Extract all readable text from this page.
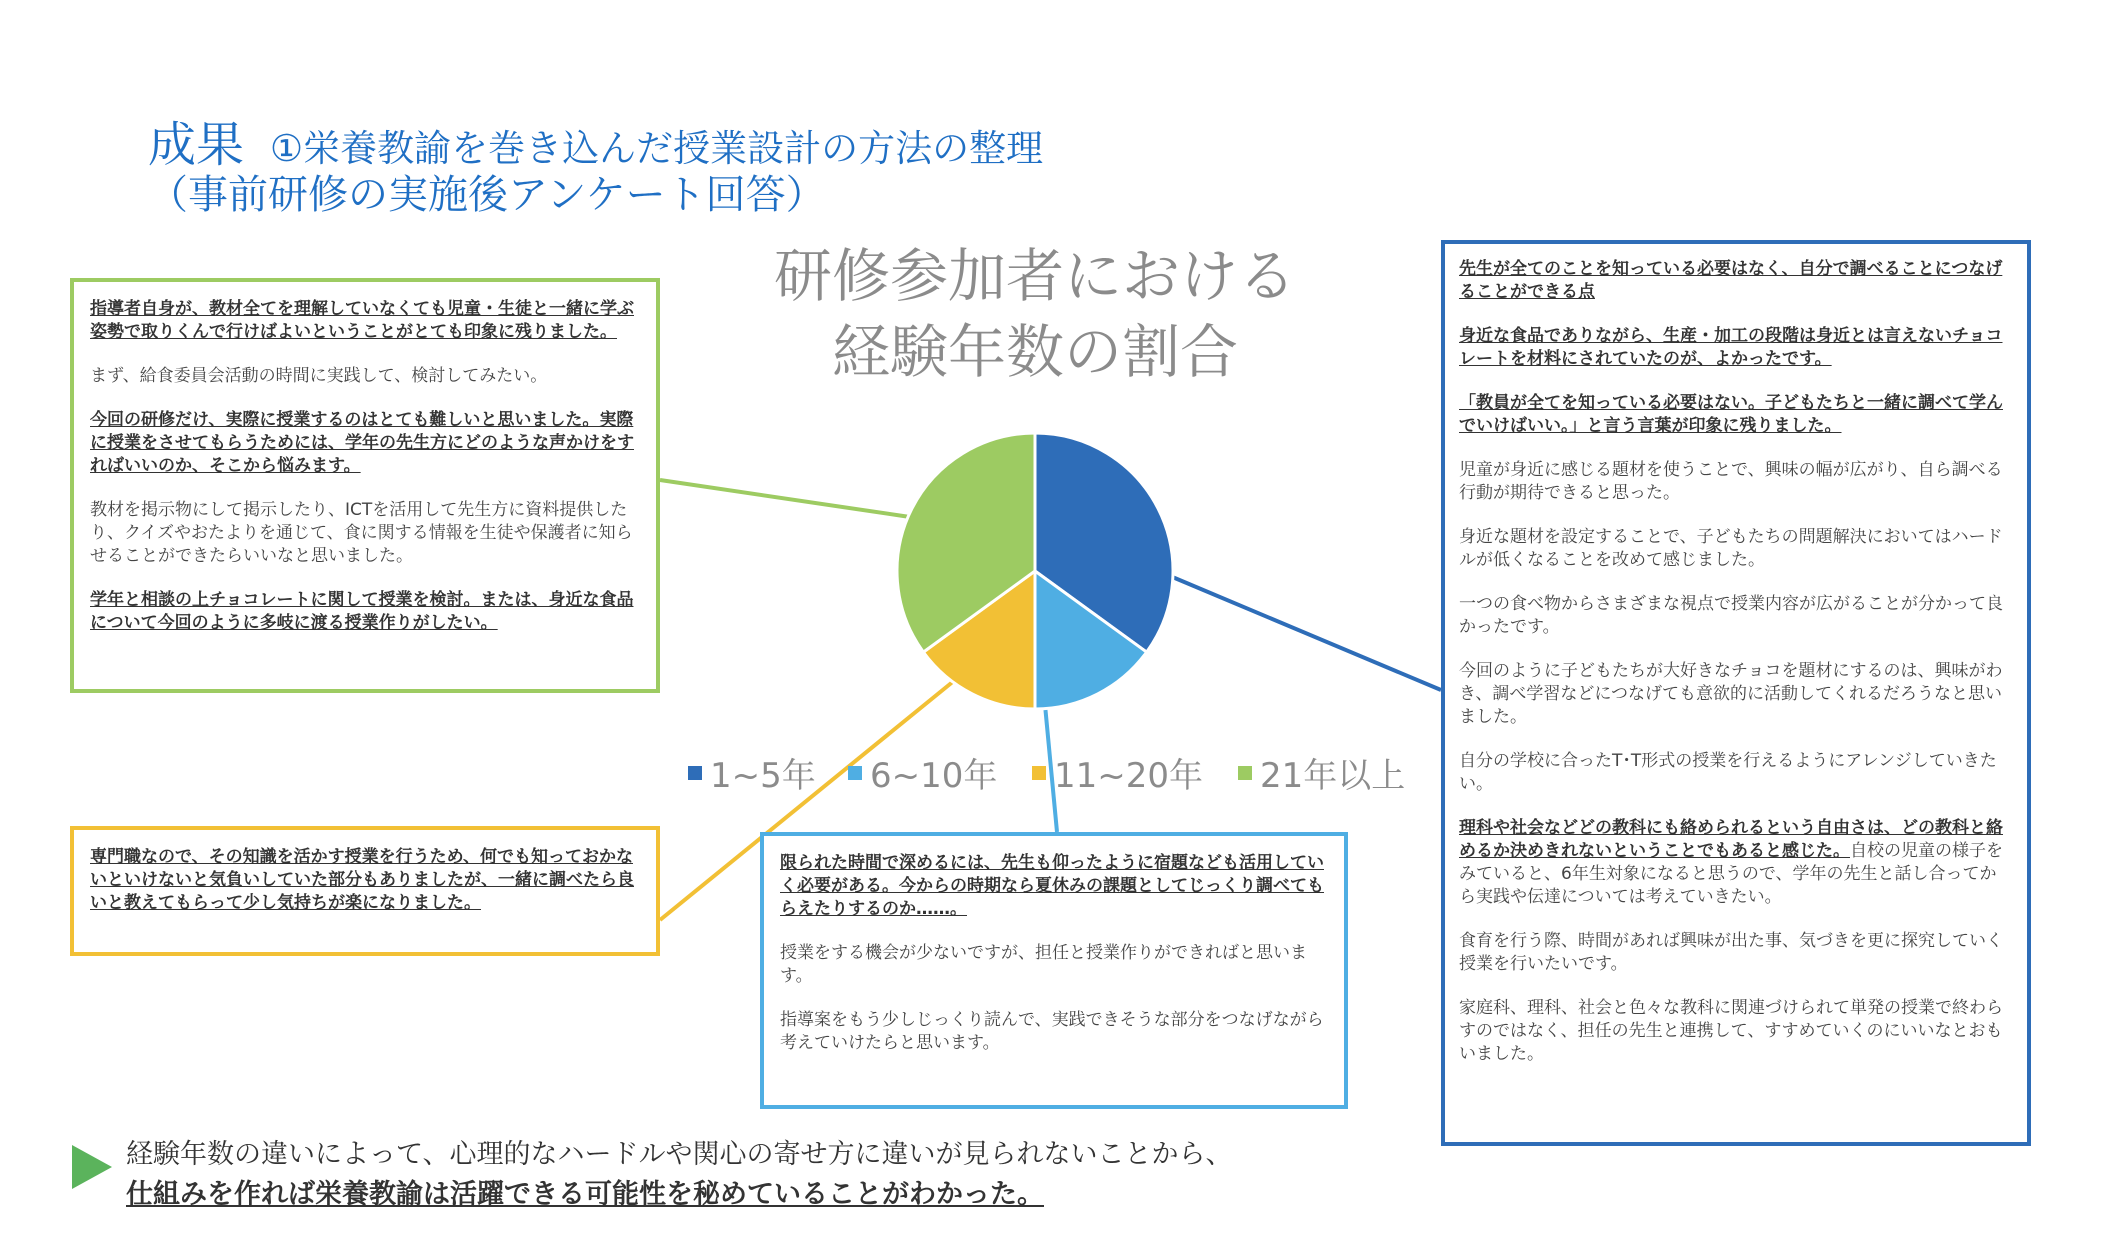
成果 ①栄養教諭を巻き込んだ授業設計の方法の整理
（事前研修の実施後アンケート回答）
研修参加者における
経験年数の割合
1~5年 6~10年 11~20年 21年以上

指導者自身が、教材全てを理解していなくても児童・生徒と一緒に学ぶ姿勢で取りくんで行けばよいということがとても印象に残りました。

まず、給食委員会活動の時間に実践して、検討してみたい。

今回の研修だけ、実際に授業するのはとても難しいと思いました。実際に授業をさせてもらうためには、学年の先生方にどのような声かけをすればいいのか、そこから悩みます。

教材を掲示物にして掲示したり、ICTを活用して先生方に資料提供したり、クイズやおたよりを通じて、食に関する情報を生徒や保護者に知らせることができたらいいなと思いました。

学年と相談の上チョコレートに関して授業を検討。または、身近な食品について今回のように多岐に渡る授業作りがしたい。

専門職なので、その知識を活かす授業を行うため、何でも知っておかないといけないと気負いしていた部分もありましたが、一緒に調べたら良いと教えてもらって少し気持ちが楽になりました。

限られた時間で深めるには、先生も仰ったように宿題なども活用していく必要がある。今からの時期なら夏休みの課題としてじっくり調べてもらえたりするのか……。

授業をする機会が少ないですが、担任と授業作りができればと思います。

指導案をもう少しじっくり読んで、実践できそうな部分をつなげながら考えていけたらと思います。

先生が全てのことを知っている必要はなく、自分で調べることにつなげることができる点

身近な食品でありながら、生産・加工の段階は身近とは言えないチョコレートを材料にされていたのが、よかったです。

「教員が全てを知っている必要はない。子どもたちと一緒に調べて学んでいけばいい。」と言う言葉が印象に残りました。

児童が身近に感じる題材を使うことで、興味の幅が広がり、自ら調べる行動が期待できると思った。

身近な題材を設定することで、子どもたちの問題解決においてはハードルが低くなることを改めて感じました。

一つの食べ物からさまざまな視点で授業内容が広がることが分かって良かったです。

今回のように子どもたちが大好きなチョコを題材にするのは、興味がわき、調べ学習などにつなげても意欲的に活動してくれるだろうなと思いました。

自分の学校に合ったT･T形式の授業を行えるようにアレンジしていきたい。

理科や社会などどの教科にも絡められるという自由さは、どの教科と絡めるか決めきれないということでもあると感じた。自校の児童の様子をみていると、6年生対象になると思うので、学年の先生と話し合ってから実践や伝達については考えていきたい。

食育を行う際、時間があれば興味が出た事、気づきを更に探究していく授業を行いたいです。

家庭科、理科、社会と色々な教科に関連づけられて単発の授業で終わらすのではなく、担任の先生と連携して、すすめていくのにいいなとおもいました。

経験年数の違いによって、心理的なハードルや関心の寄せ方に違いが見られないことから、
仕組みを作れば栄養教諭は活躍できる可能性を秘めていることがわかった。
